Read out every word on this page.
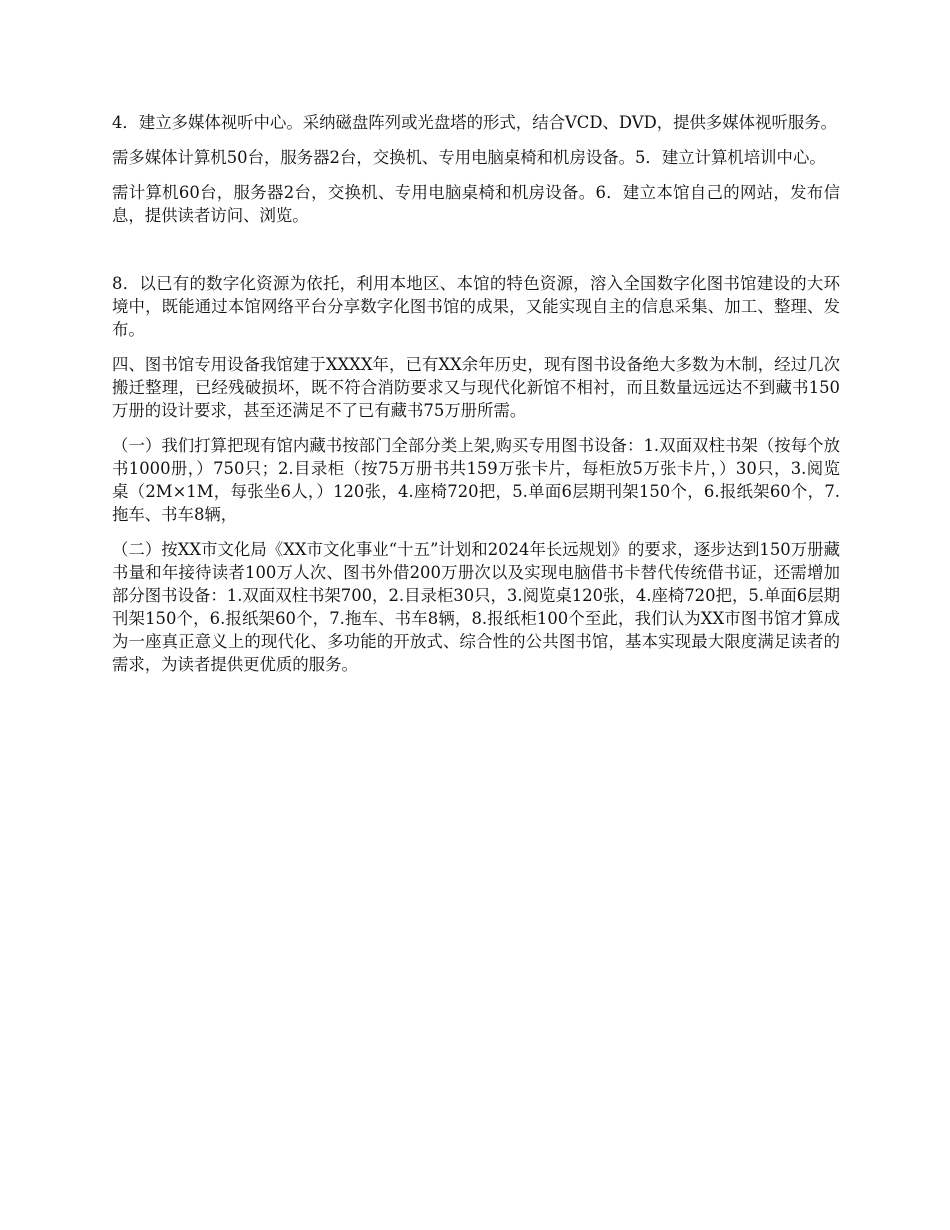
4．建立多媒体视听中心。采纳磁盘阵列或光盘塔的形式，结合VCD、DVD，提供多媒体视听服务。

需多媒体计算机50台，服务器2台，交换机、专用电脑桌椅和机房设备。5．建立计算机培训中心。

需计算机60台，服务器2台，交换机、专用电脑桌椅和机房设备。6．建立本馆自己的网站，发布信息，提供读者访问、浏览。

8．以已有的数字化资源为依托，利用本地区、本馆的特色资源，溶入全国数字化图书馆建设的大环境中，既能通过本馆网络平台分享数字化图书馆的成果，又能实现自主的信息采集、加工、整理、发布。

四、图书馆专用设备我馆建于XXXX年，已有XX余年历史，现有图书设备绝大多数为木制，经过几次搬迁整理，已经残破损坏，既不符合消防要求又与现代化新馆不相衬，而且数量远远达不到藏书150万册的设计要求，甚至还满足不了已有藏书75万册所需。

（一）我们打算把现有馆内藏书按部门全部分类上架,购买专用图书设备：1.双面双柱书架（按每个放书1000册，）750只；2.目录柜（按75万册书共159万张卡片，每柜放5万张卡片，）30只，3.阅览桌（2M×1M，每张坐6人，）120张，4.座椅720把，5.单面6层期刊架150个，6.报纸架60个，7.拖车、书车8辆，

（二）按XX市文化局《XX市文化事业“十五”计划和2024年长远规划》的要求，逐步达到150万册藏书量和年接待读者100万人次、图书外借200万册次以及实现电脑借书卡替代传统借书证，还需增加部分图书设备：1.双面双柱书架700，2.目录柜30只，3.阅览桌120张，4.座椅720把，5.单面6层期刊架150个，6.报纸架60个，7.拖车、书车8辆，8.报纸柜100个至此，我们认为XX市图书馆才算成为一座真正意义上的现代化、多功能的开放式、综合性的公共图书馆，基本实现最大限度满足读者的需求，为读者提供更优质的服务。
